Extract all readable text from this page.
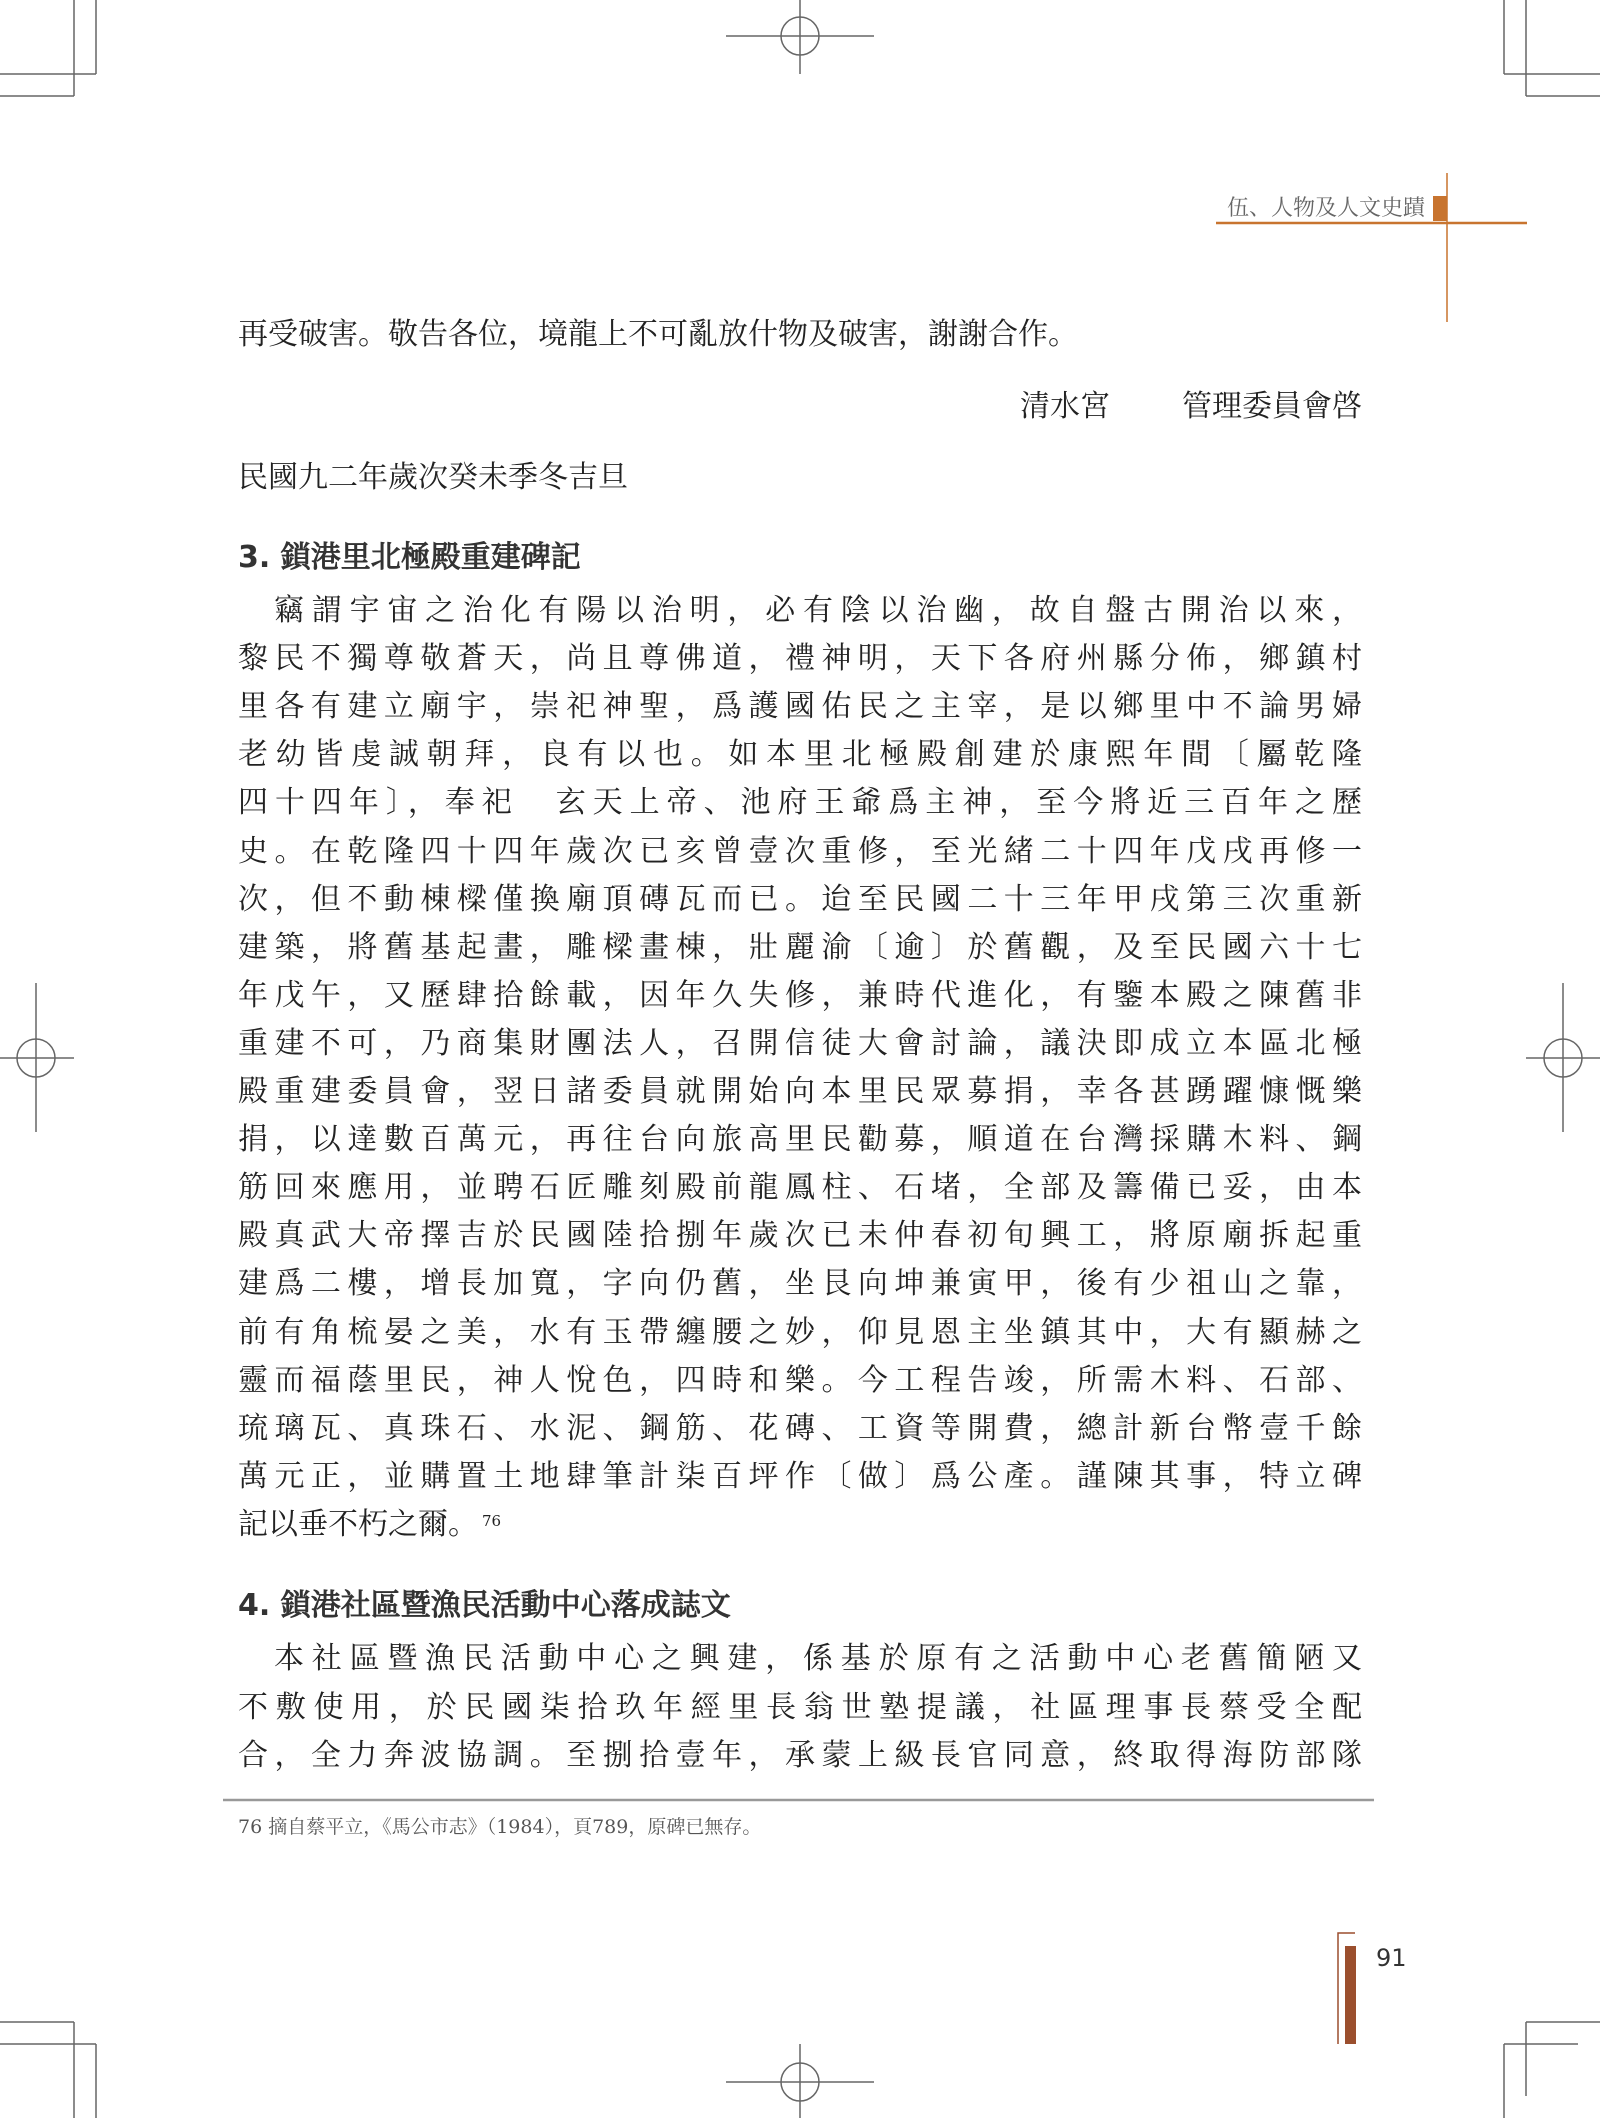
伍、人物及人文史蹟
再受破害。敬告各位，境龍上不可亂放什物及破害，謝謝合作。
清水宮 管理委員會啓
民國九二年歲次癸未季冬吉旦
3. 鎖港里北極殿重建碑記
竊謂宇宙之治化有陽以治明，必有陰以治幽，故自盤古開治以來，
黎民不獨尊敬蒼天，尚且尊佛道，禮神明，天下各府州縣分佈，鄉鎮村
里各有建立廟宇，崇祀神聖，爲護國佑民之主宰，是以鄉里中不論男婦
老幼皆虔誠朝拜，良有以也。如本里北極殿創建於康熙年間〔屬乾隆
四十四年〕，奉祀　玄天上帝、池府王爺爲主神，至今將近三百年之歷
史。在乾隆四十四年歲次已亥曾壹次重修，至光緒二十四年戊戌再修一
次，但不動棟樑僅換廟頂磚瓦而已。迨至民國二十三年甲戌第三次重新
建築，將舊基起畫，雕樑畫棟，壯麗渝〔逾〕於舊觀，及至民國六十七
年戊午，又歷肆拾餘載，因年久失修，兼時代進化，有鑒本殿之陳舊非
重建不可，乃商集財團法人，召開信徒大會討論，議決即成立本區北極
殿重建委員會，翌日諸委員就開始向本里民眾募捐，幸各甚踴躍慷慨樂
捐，以達數百萬元，再往台向旅高里民勸募，順道在台灣採購木料、鋼
筋回來應用，並聘石匠雕刻殿前龍鳳柱、石堵，全部及籌備已妥，由本
殿真武大帝擇吉於民國陸拾捌年歲次已未仲春初旬興工，將原廟拆起重
建爲二樓，增長加寬，字向仍舊，坐艮向坤兼寅甲，後有少祖山之靠，
前有角梳晏之美，水有玉帶纏腰之妙，仰見恩主坐鎮其中，大有顯赫之
靈而福蔭里民，神人悅色，四時和樂。今工程告竣，所需木料、石部、
琉璃瓦、真珠石、水泥、鋼筋、花磚、工資等開費，總計新台幣壹千餘
萬元正，並購置土地肆筆計柒百坪作〔做〕爲公產。謹陳其事，特立碑
記以垂不朽之爾。 $^{76}$
4. 鎖港社區暨漁民活動中心落成誌文
本社區暨漁民活動中心之興建，係基於原有之活動中心老舊簡陋又
不敷使用，於民國柒拾玖年經里長翁世塾提議，社區理事長蔡受全配
合，全力奔波協調。至捌拾壹年，承蒙上級長官同意，終取得海防部隊
76 摘自蔡平立，《馬公市志》（1984），頁789，原碑已無存。
91
